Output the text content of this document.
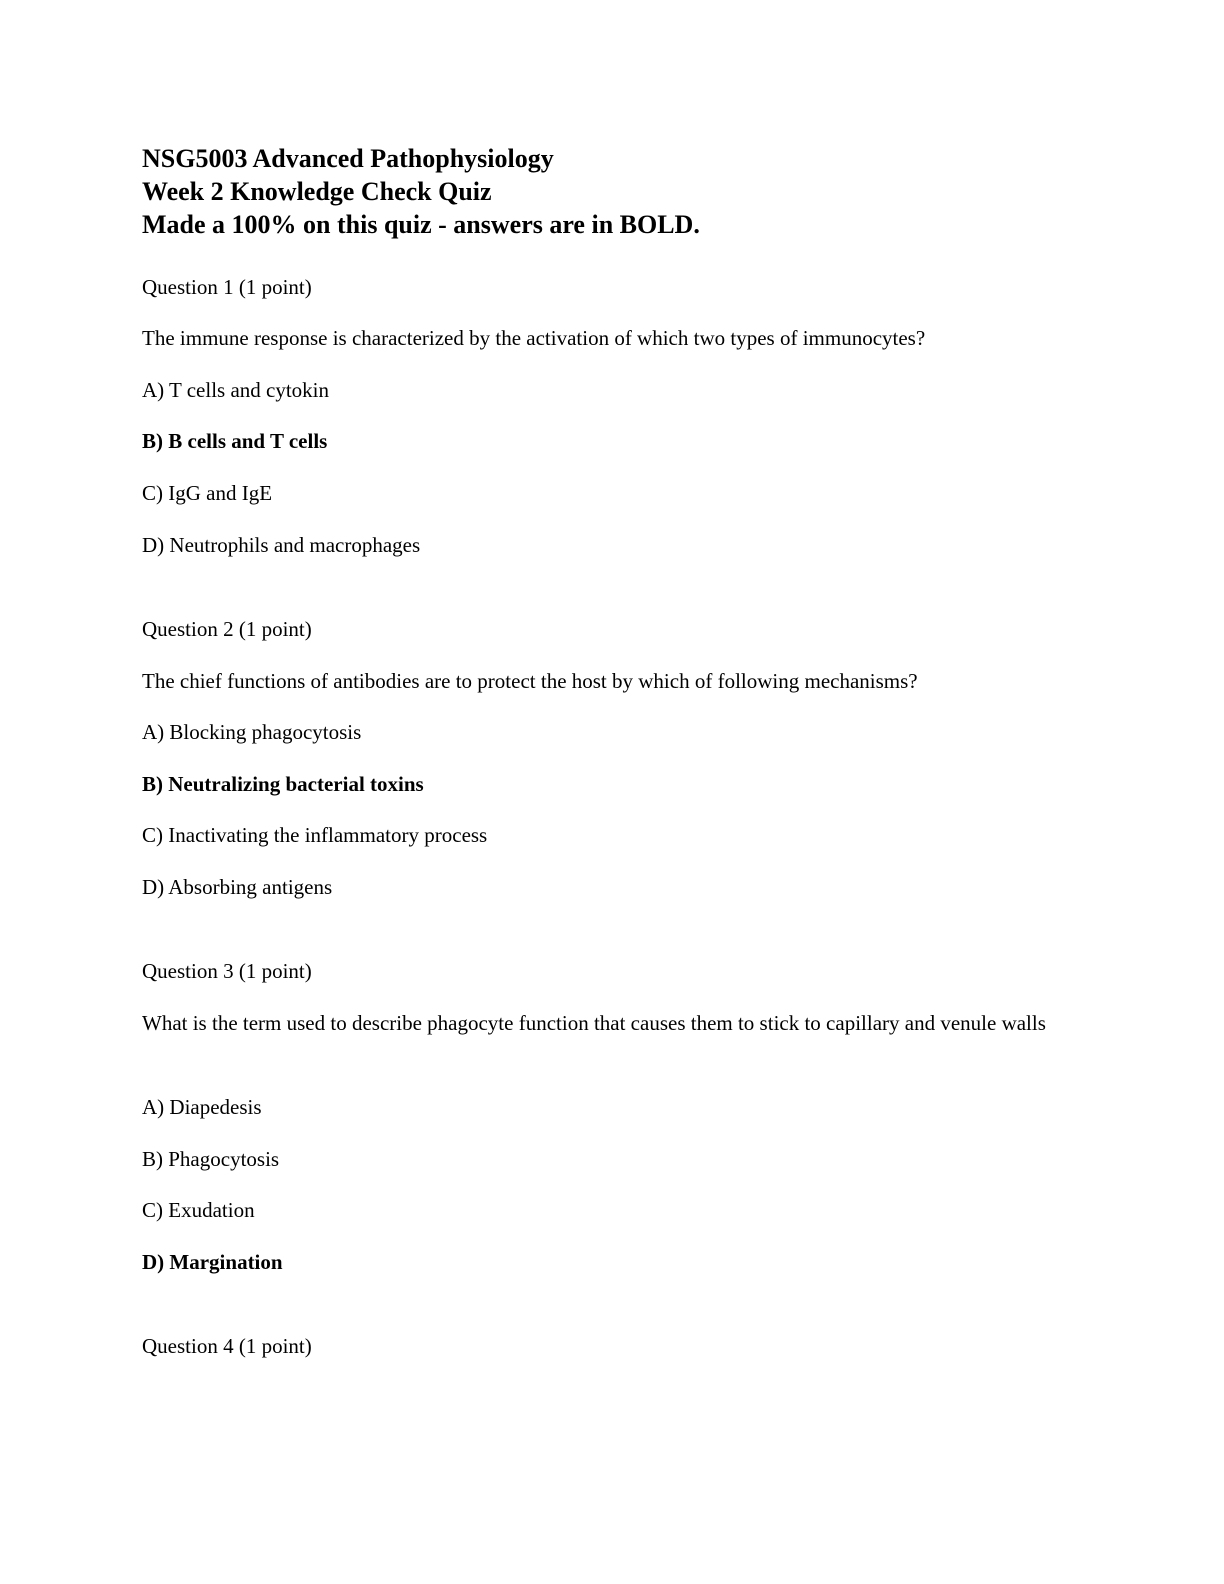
NSG5003 Advanced Pathophysiology
Week 2 Knowledge Check Quiz
Made a 100% on this quiz - answers are in BOLD.
Question 1 (1 point)
The immune response is characterized by the activation of which two types of immunocytes?
A) T cells and cytokin
B) B cells and T cells
C) IgG and IgE
D) Neutrophils and macrophages
Question 2 (1 point)
The chief functions of antibodies are to protect the host by which of following mechanisms?
A) Blocking phagocytosis
B) Neutralizing bacterial toxins
C) Inactivating the inflammatory process
D) Absorbing antigens
Question 3 (1 point)
What is the term used to describe phagocyte function that causes them to stick to capillary and venule walls
A) Diapedesis
B) Phagocytosis
C) Exudation
D) Margination
Question 4 (1 point)
